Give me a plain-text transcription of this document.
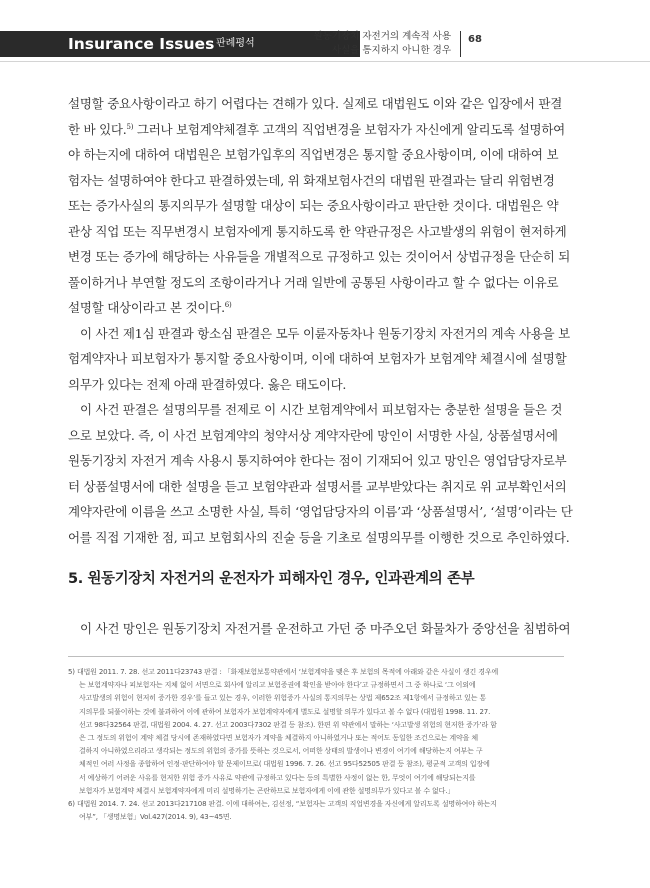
Insurance Issues 판례평석
원동기장치 자전거의 계속적 사용
사실을 통지하지 아니한 경우
68

설명할 중요사항이라고 하기 어렵다는 견해가 있다. 실제로 대법원도 이와 같은 입장에서 판결
한 바 있다.$^{5)}$ 그러나 보험계약체결후 고객의 직업변경을 보험자가 자신에게 알리도록 설명하여
야 하는지에 대하여 대법원은 보험가입후의 직업변경은 통지할 중요사항이며, 이에 대하여 보
험자는 설명하여야 한다고 판결하였는데, 위 화재보험사건의 대법원 판결과는 달리 위험변경
또는 증가사실의 통지의무가 설명할 대상이 되는 중요사항이라고 판단한 것이다. 대법원은 약
관상 직업 또는 직무변경시 보험자에게 통지하도록 한 약관규정은 사고발생의 위험이 현저하게
변경 또는 증가에 해당하는 사유들을 개별적으로 규정하고 있는 것이어서 상법규정을 단순히 되
풀이하거나 부연할 정도의 조항이라거나 거래 일반에 공통된 사항이라고 할 수 없다는 이유로
설명할 대상이라고 본 것이다.$^{6)}$

이 사건 제1심 판결과 항소심 판결은 모두 이륜자동차나 원동기장치 자전거의 계속 사용을 보
험계약자나 피보험자가 통지할 중요사항이며, 이에 대하여 보험자가 보험계약 체결시에 설명할
의무가 있다는 전제 아래 판결하였다. 옳은 태도이다.

이 사건 판결은 설명의무를 전제로 이 시간 보험계약에서 피보험자는 충분한 설명을 들은 것
으로 보았다. 즉, 이 사건 보험계약의 청약서상 계약자란에 망인이 서명한 사실, 상품설명서에
원동기장치 자전거 계속 사용시 통지하여야 한다는 점이 기재되어 있고 망인은 영업담당자로부
터 상품설명서에 대한 설명을 듣고 보험약관과 설명서를 교부받았다는 취지로 위 교부확인서의
계약자란에 이름을 쓰고 소명한 사실, 특히 ‘영업담당자의 이름’과 ‘상품설명서’, ‘설명’이라는 단
어를 직접 기재한 점, 피고 보험회사의 진술 등을 기초로 설명의무를 이행한 것으로 추인하였다.

5. 원동기장치 자전거의 운전자가 피해자인 경우, 인과관계의 존부
이 사건 망인은 원동기장치 자전거를 운전하고 가던 중 마주오던 화물차가 중앙선을 침범하여
5) 대법원 2011. 7. 28. 선고 2011다23743 판결 : 「화재보험보통약관에서 ‘보험계약을 맺은 후 보험의 목적에 아래와 같은 사실이 생긴 경우에
는 보험계약자나 피보험자는 지체 없이 서면으로 회사에 알리고 보험증권에 확인을 받아야 한다’고 규정하면서 그 중 하나로 ‘그 이외에
사고발생의 위험이 현저히 증가한 경우’를 들고 있는 경우, 이러한 위험증가 사실의 통지의무는 상법 제652조 제1항에서 규정하고 있는 통
지의무를 되풀이하는 것에 불과하여 이에 관하여 보험자가 보험계약자에게 별도로 설명할 의무가 있다고 볼 수 없다 (대법원 1998. 11. 27.
선고 98다32564 판결, 대법원 2004. 4. 27. 선고 2003다7302 판결 등 참조). 한편 위 약관에서 말하는 ‘사고발생 위험의 현저한 증가’라 함
은 그 정도의 위험이 계약 체결 당시에 존재하였다면 보험자가 계약을 체결하지 아니하였거나 또는 적어도 동일한 조건으로는 계약을 체
결하지 아니하였으리라고 생각되는 정도의 위험의 증가를 뜻하는 것으로서, 어떠한 상태의 발생이나 변경이 여기에 해당하는지 여부는 구
체적인 여러 사정을 종합하여 인정·판단하여야 할 문제이므로( 대법원 1996. 7. 26. 선고 95다52505 판결 등 참조), 평균적 고객의 입장에
서 예상하기 어려운 사유를 현저한 위험 증가 사유로 약관에 규정하고 있다는 등의 특별한 사정이 없는 한, 무엇이 여기에 해당되는지를
보험자가 보험계약 체결시 보험계약자에게 미리 설명하기는 곤란하므로 보험자에게 이에 관한 설명의무가 있다고 볼 수 없다.」
6) 대법원 2014. 7. 24. 선고 2013다217108 판결. 이에 대하여는, 김선정, “보험자는 고객의 직업변경을 자신에게 알리도록 설명하여야 하는지
여부”, 「생명보험」Vol.427(2014. 9), 43~45면.
